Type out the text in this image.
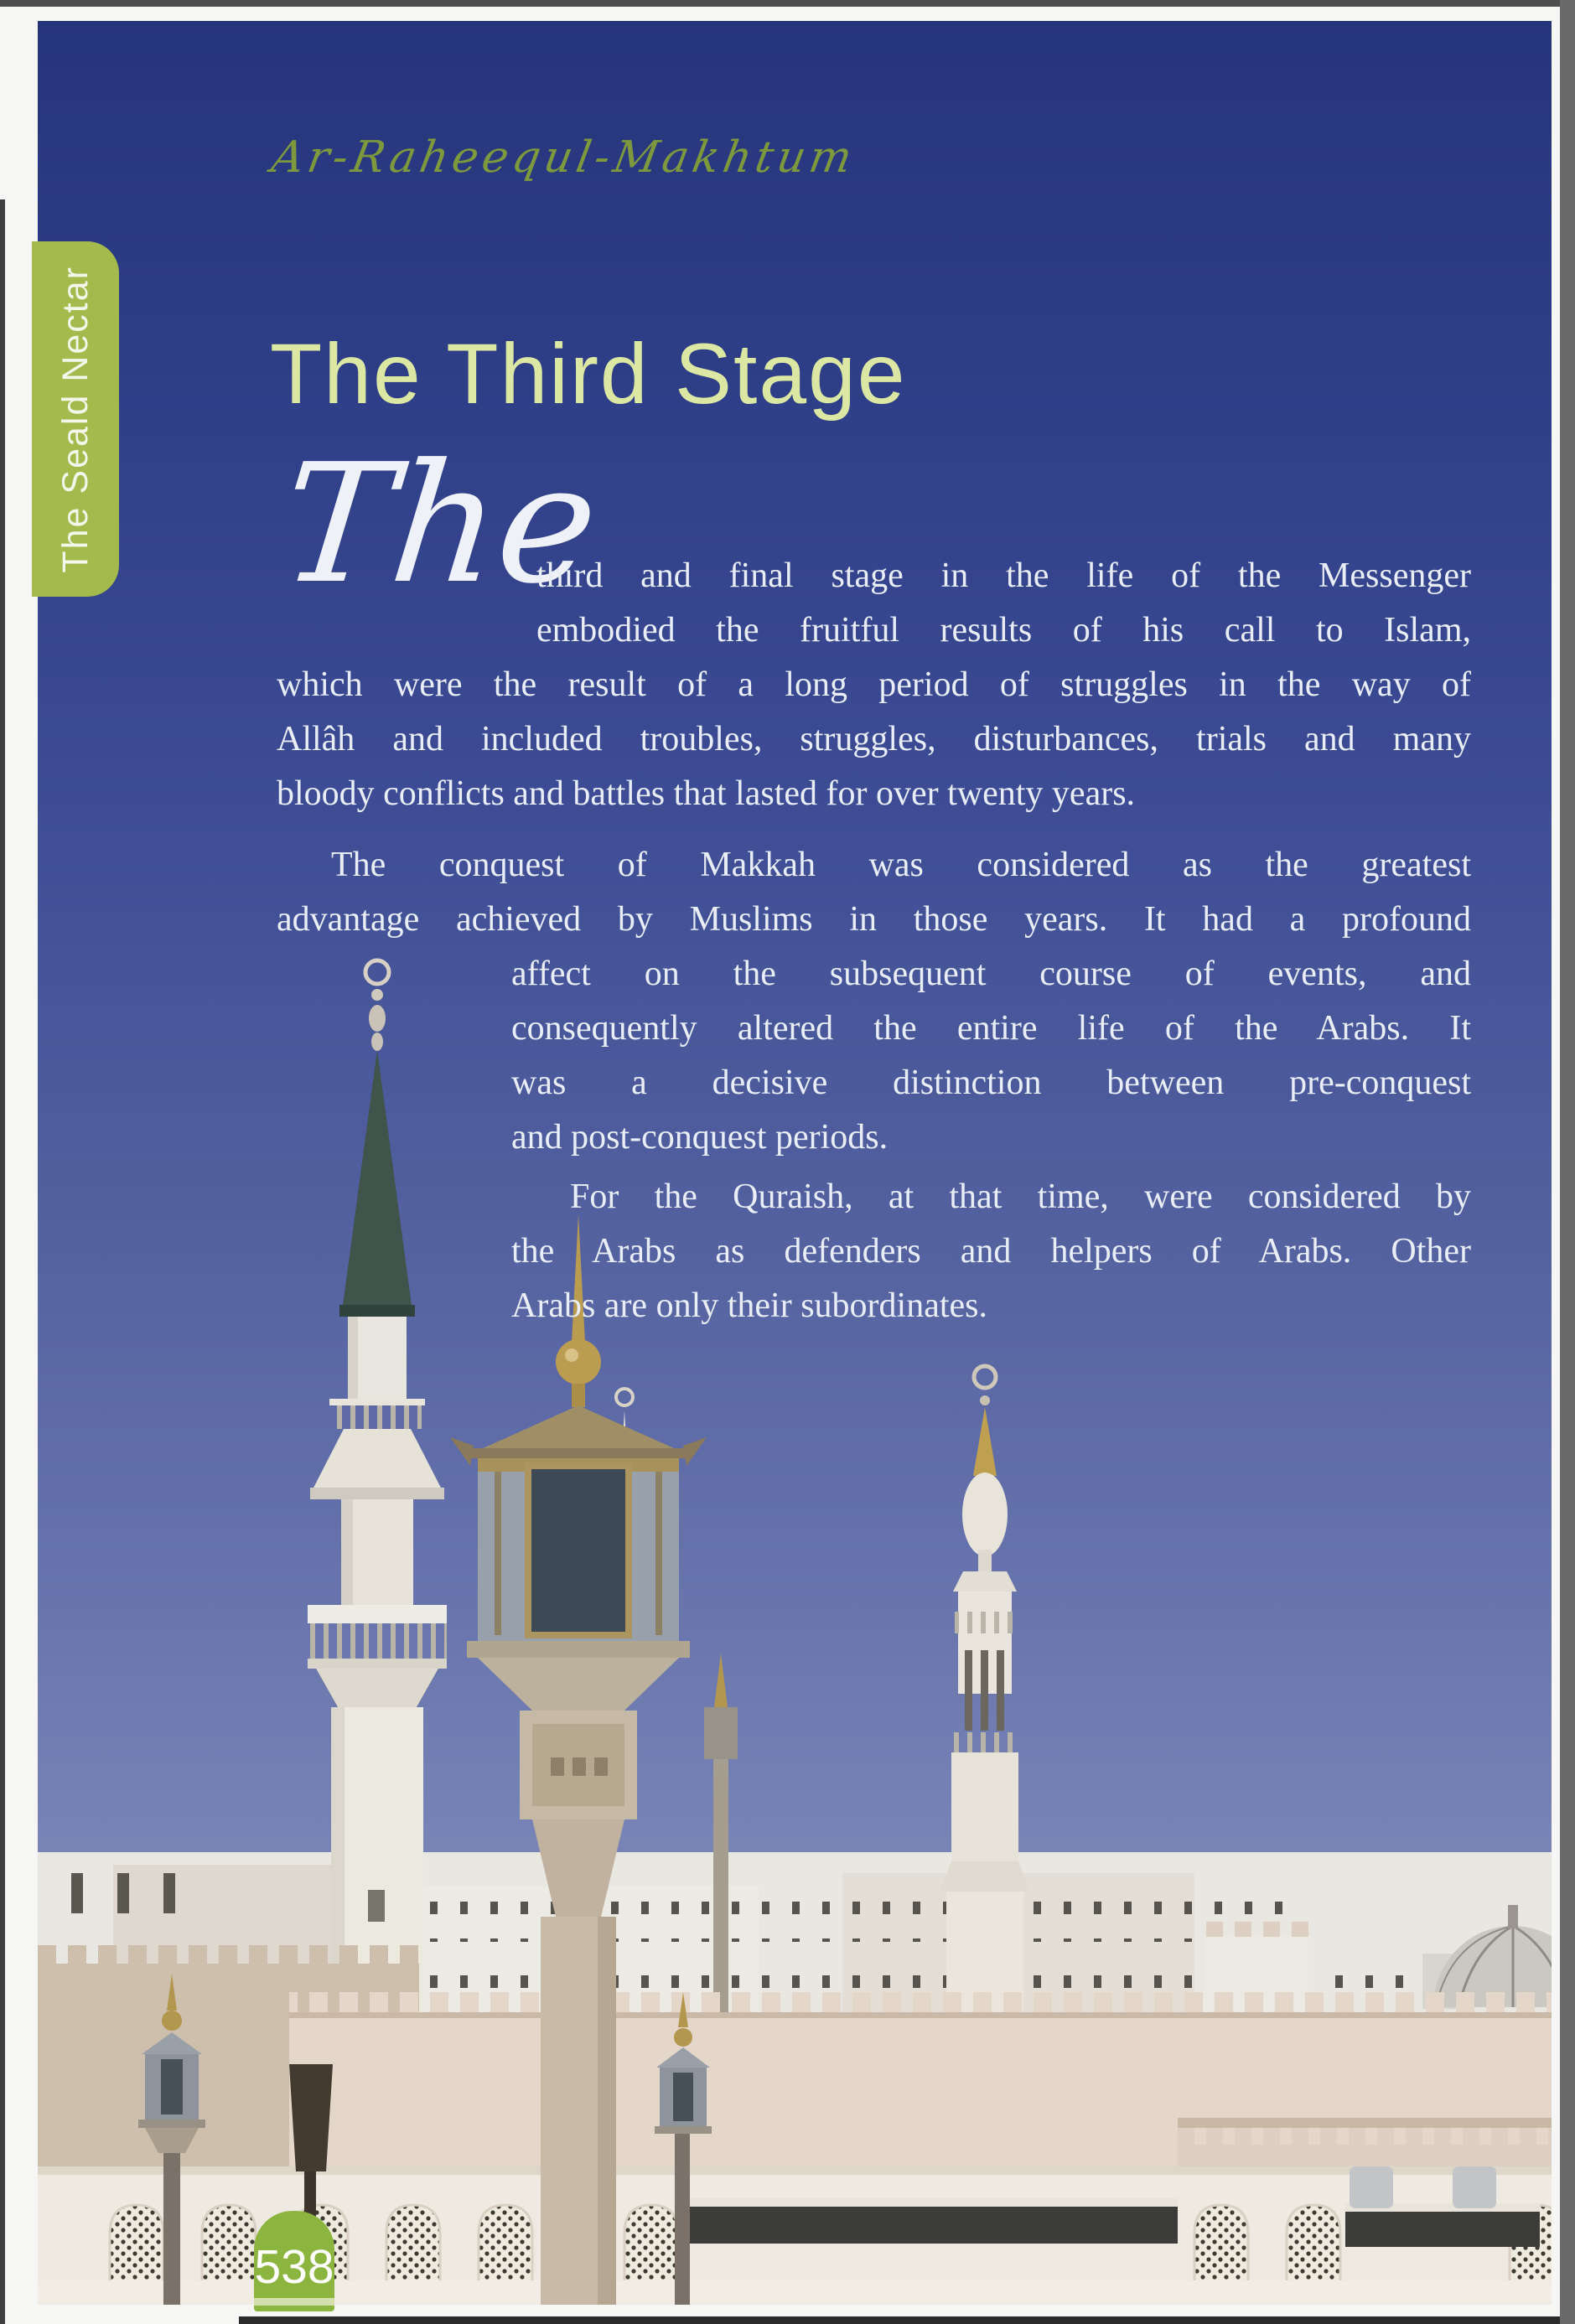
The Seald Nectar
Ar-Raheequl-Makhtum
The Third Stage
The
third and final stage in the life of the Messenger
embodied the fruitful results of his call to Islam,
which were the result of a long period of struggles in the way of
Allâh and included troubles, struggles, disturbances, trials and many
bloody conflicts and battles that lasted for over twenty years.
The conquest of Makkah was considered as the greatest
advantage achieved by Muslims in those years. It had a profound
affect on the subsequent course of events, and
consequently altered the entire life of the Arabs. It
was a decisive distinction between pre-conquest
and post-conquest periods.
For the Quraish, at that time, were considered by
the Arabs as defenders and helpers of Arabs. Other
Arabs are only their subordinates.
538
